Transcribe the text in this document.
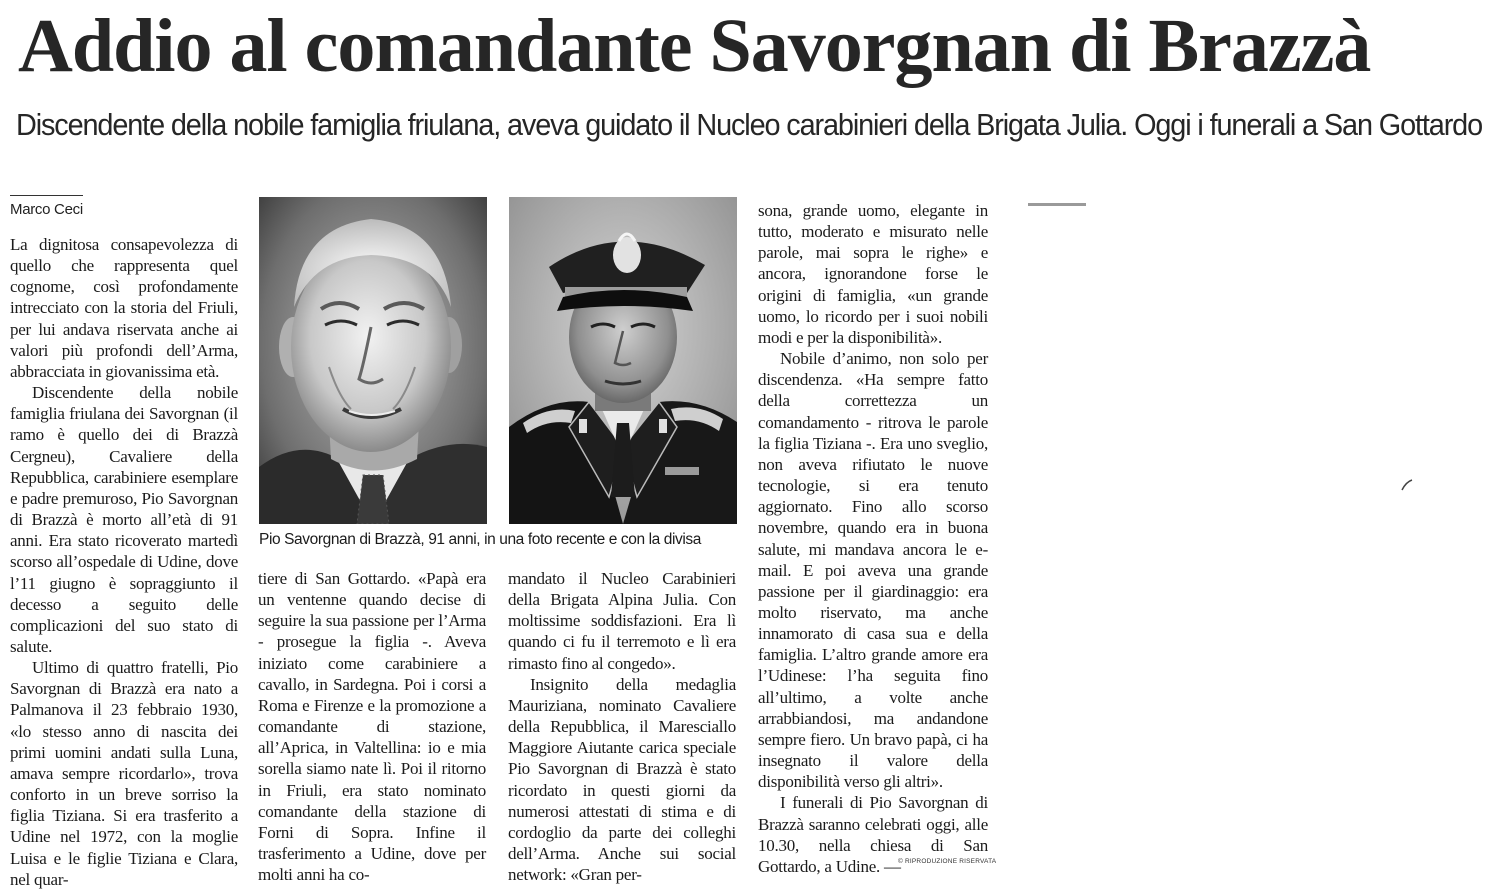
Addio al comandante Savorgnan di Brazzà
Discendente della nobile famiglia friulana, aveva guidato il Nucleo carabinieri della Brigata Julia. Oggi i funerali a San Gottardo
Marco Ceci

La dignitosa consapevolezza di quello che rappresenta quel cognome, così profondamente intrecciato con la storia del Friuli, per lui andava riservata anche ai valori più profondi dell’Arma, abbracciata in giovanissima età.

Discendente della nobile famiglia friulana dei Savorgnan (il ramo è quello dei di Brazzà Cergneu), Cavaliere della Repubblica, carabiniere esemplare e padre premuroso, Pio Savorgnan di Brazzà è morto all’età di 91 anni. Era stato ricoverato martedì scorso all’ospedale di Udine, dove l’11 giugno è sopraggiunto il decesso a seguito delle complicazioni del suo stato di salute.

Ultimo di quattro fratelli, Pio Savorgnan di Brazzà era nato a Palmanova il 23 febbraio 1930, «lo stesso anno di nascita dei primi uomini andati sulla Luna, amava sempre ricordarlo», trova conforto in un breve sorriso la figlia Tiziana. Si era trasferito a Udine nel 1972, con la moglie Luisa e le figlie Tiziana e Clara, nel quar-

Pio Savorgnan di Brazzà, 91 anni, in una foto recente e con la divisa

tiere di San Gottardo. «Papà era un ventenne quando decise di seguire la sua passione per l’Arma - prosegue la figlia -. Aveva iniziato come carabiniere a cavallo, in Sardegna. Poi i corsi a Roma e Firenze e la promozione a comandante di stazione, all’Aprica, in Valtellina: io e mia sorella siamo nate lì. Poi il ritorno in Friuli, era stato nominato comandante della stazione di Forni di Sopra. Infine il trasferimento a Udine, dove per molti anni ha co-

mandato il Nucleo Carabinieri della Brigata Alpina Julia. Con moltissime soddisfazioni. Era lì quando ci fu il terremoto e lì era rimasto fino al congedo».

Insignito della medaglia Mauriziana, nominato Cavaliere della Repubblica, il Maresciallo Maggiore Aiutante carica speciale Pio Savorgnan di Brazzà è stato ricordato in questi giorni da numerosi attestati di stima e di cordoglio da parte dei colleghi dell’Arma. Anche sui social network: «Gran per-

sona, grande uomo, elegante in tutto, moderato e misurato nelle parole, mai sopra le righe» e ancora, ignorandone forse le origini di famiglia, «un grande uomo, lo ricordo per i suoi nobili modi e per la disponibilità».

Nobile d’animo, non solo per discendenza. «Ha sempre fatto della correttezza un comandamento - ritrova le parole la figlia Tiziana -. Era uno sveglio, non aveva rifiutato le nuove tecnologie, si era tenuto aggiornato. Fino allo scorso novembre, quando era in buona salute, mi mandava ancora le e-mail. E poi aveva una grande passione per il giardinaggio: era molto riservato, ma anche innamorato di casa sua e della famiglia. L’altro grande amore era l’Udinese: l’ha seguita fino all’ultimo, a volte anche arrabbiandosi, ma andandone sempre fiero. Un bravo papà, ci ha insegnato il valore della disponibilità verso gli altri».

I funerali di Pio Savorgnan di Brazzà saranno celebrati oggi, alle 10.30, nella chiesa di San Gottardo, a Udine. —

© RIPRODUZIONE RISERVATA
